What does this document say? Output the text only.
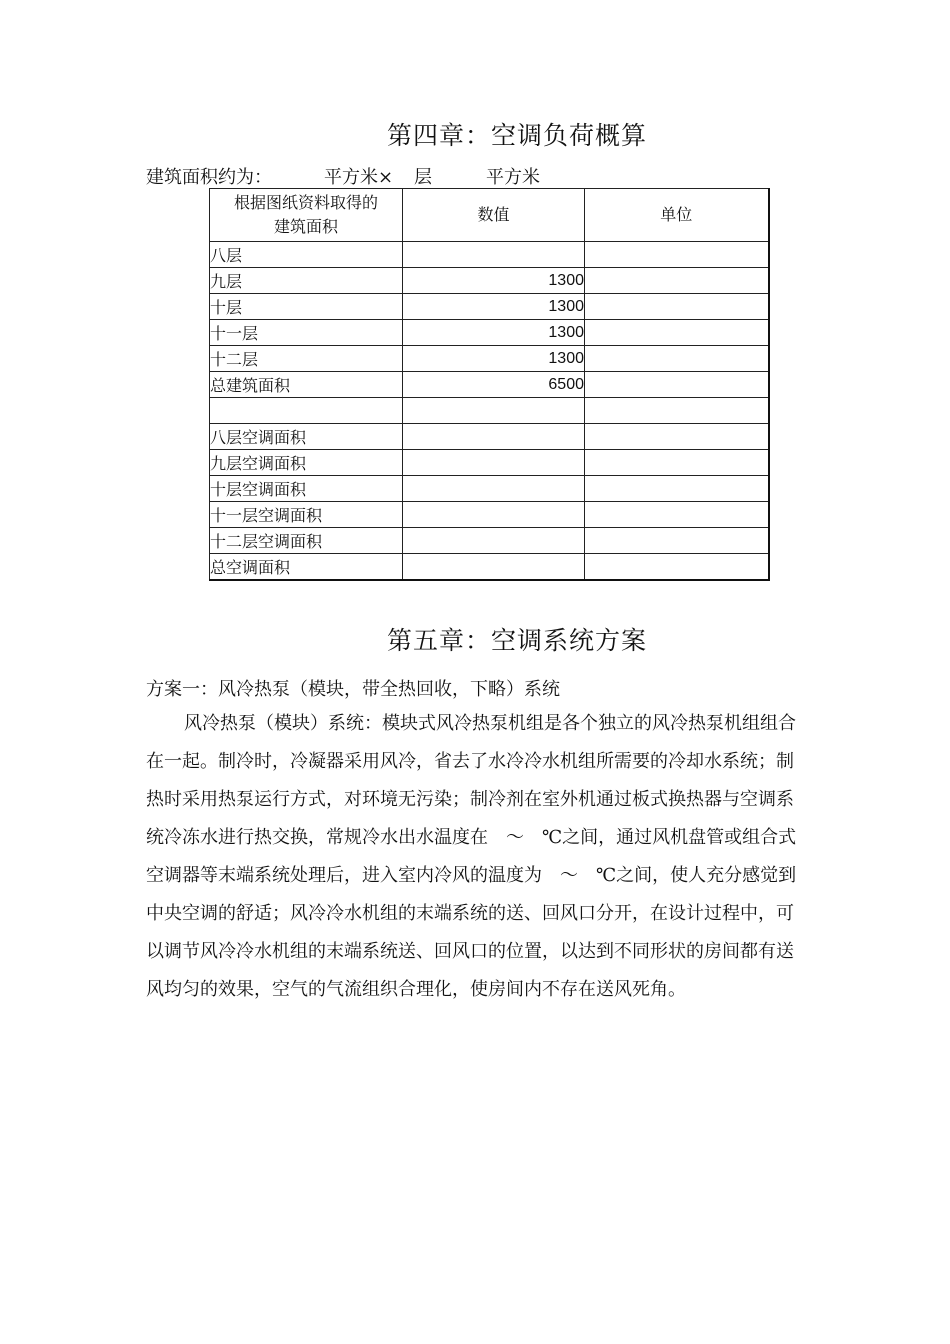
第四章：空调负荷概算
建筑面积约为：	平方米× 层	平方米
根据图纸资料取得的建筑面积	数值	单位
八层		
九层	1300	
十层	1300	
十一层	1300	
十二层	1300	
总建筑面积	6500	

八层空调面积		
九层空调面积		
十层空调面积		
十一层空调面积		
十二层空调面积		
总空调面积		
第五章：空调系统方案
方案一：风冷热泵（模块，带全热回收，下略）系统
风冷热泵（模块）系统：模块式风冷热泵机组是各个独立的风冷热泵机组组合
在一起。制冷时，冷凝器采用风冷，省去了水冷冷水机组所需要的冷却水系统；制
热时采用热泵运行方式，对环境无污染；制冷剂在室外机通过板式换热器与空调系
统冷冻水进行热交换，常规冷水出水温度在　～　℃之间，通过风机盘管或组合式
空调器等末端系统处理后，进入室内冷风的温度为　～　℃之间，使人充分感觉到
中央空调的舒适；风冷冷水机组的末端系统的送、回风口分开，在设计过程中，可
以调节风冷冷水机组的末端系统送、回风口的位置，以达到不同形状的房间都有送
风均匀的效果，空气的气流组织合理化，使房间内不存在送风死角。
